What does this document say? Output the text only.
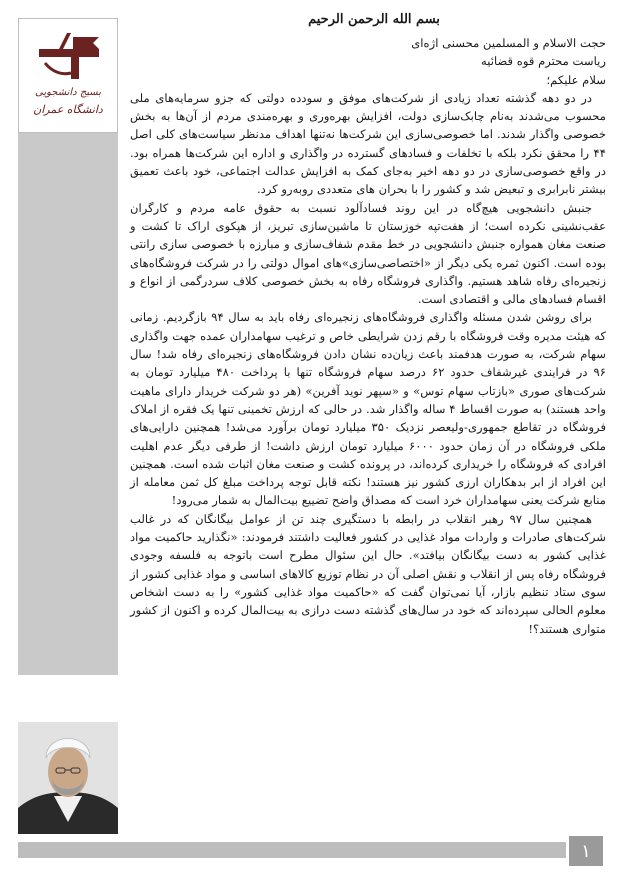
بسیج دانشجویی
دانشگاه عمران
۱
بسم الله الرحمن الرحیم
حجت الاسلام و المسلمین محسنی اژه‌ای
ریاست محترم قوه قضائیه
سلام علیکم؛

در دو دهه گذشته تعداد زیادی از شرکت‌های موفق و سودده دولتی که جزو سرمایه‌های ملی محسوب می‌شدند به‌نام چابک‌سازی دولت، افزایش بهره‌وری و بهره‌مندی مردم از آن‌ها به بخش خصوصی واگذار شدند. اما خصوصی‌سازی این شرکت‌ها نه‌تنها اهداف مدنظر سیاست‌های کلی اصل ۴۴ را محقق نکرد بلکه با تخلفات و فسادهای گسترده در واگذاری و اداره این شرکت‌ها همراه بود. در واقع خصوصی‌سازی در دو دهه اخیر به‌جای کمک به افزایش عدالت اجتماعی، خود باعث تعمیق بیشتر نابرابری و تبعیض شد و کشور را با بحران های متعددی روبه‌رو کرد.

جنبش دانشجویی هیچ‌گاه در این روند فسادآلود نسبت به حقوق عامه مردم و کارگران عقب‌نشینی نکرده است؛ از هفت‌تپه خوزستان تا ماشین‌سازی تبریز، از هپکوی اراک تا کشت و صنعت مغان همواره جنبش دانشجویی در خط مقدم شفاف‌سازی و مبارزه با خصوصی سازی رانتی بوده است. اکنون ثمره یکی دیگر از «اختصاصی‌سازی»های اموال دولتی را در شرکت فروشگاه‌های زنجیره‌ای رفاه شاهد هستیم. واگذاری فروشگاه رفاه به بخش خصوصی کلاف سردرگمی از انواع و اقسام فسادهای مالی و اقتصادی است.

برای روشن شدن مسئله واگذاری فروشگاه‌های زنجیره‌ای رفاه باید به سال ۹۴ بازگردیم. زمانی که هیئت مدیره وقت فروشگاه با رقم زدن شرایطی خاص و ترغیب سهامداران عمده جهت واگذاری سهام شرکت، به صورت هدفمند باعث زیان‌ده نشان دادن فروشگاه‌های زنجیره‌ای رفاه شد! سال ۹۶ در فرایندی غیرشفاف حدود ۶۲ درصد سهام فروشگاه تنها با پرداخت ۴۸۰ میلیارد تومان به شرکت‌های صوری «بازتاب سهام توس» و «سپهر نوید آفرین» (هر دو شرکت خریدار دارای ماهیت واحد هستند) به صورت اقساط ۴ ساله واگذار شد. در حالی که ارزش تخمینی تنها یک فقره از املاک فروشگاه در تقاطع جمهوری-ولیعصر نزدیک ۳۵۰ میلیارد تومان برآورد می‌شد! همچنین دارایی‌های ملکی فروشگاه در آن زمان حدود ۶۰۰۰ میلیارد تومان ارزش داشت! از طرفی دیگر عدم اهلیت افرادی که فروشگاه را خریداری کرده‌اند، در پرونده کشت و صنعت مغان اثبات شده است. همچنین این افراد از ابر بدهکاران ارزی کشور نیز هستند! نکته قابل توجه پرداخت مبلغ کل ثمن معامله از منابع شرکت یعنی سهامداران خرد است که مصداق واضح تضییع بیت‌المال به شمار می‌رود!

همچنین سال ۹۷ رهبر انقلاب در رابطه با دستگیری چند تن از عوامل بیگانگان که در غالب شرکت‌های صادرات و واردات مواد غذایی در کشور فعالیت داشتند فرمودند: «نگذارید حاکمیت مواد غذایی کشور به دست بیگانگان بیافتد». حال این سئوال مطرح است باتوجه به فلسفه وجودی فروشگاه رفاه پس از انقلاب و نقش اصلی آن در نظام توزیع کالاهای اساسی و مواد غذایی کشور از سوی ستاد تنظیم بازار، آیا نمی‌توان گفت که «حاکمیت مواد غذایی کشور» را به دست اشخاص معلوم الحالی سپرده‌اند که خود در سال‌های گذشته دست درازی به بیت‌المال کرده و اکنون از کشور متواری هستند؟!
